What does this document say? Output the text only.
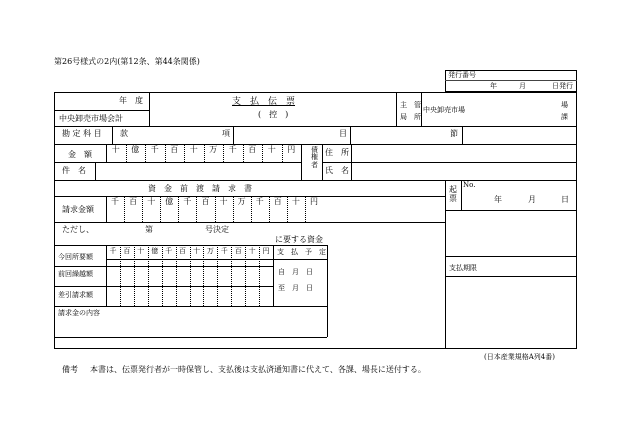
第26号様式の2内(第12条、第44条関係)
発行番号
年	月	日発行
年　度
中央卸売市場会計
支　払　伝　票
(　控　)
主　管
局　所
中央卸売市場
場
課
勘 定 科 目 款	項	目	節
金　額
十	億	千	百	十	万	千	百	十	円	債権者
住　所
氏　名
件　名
資　金　前　渡　請　求　書	起票
No.
年	月	日
請求金額
千	百	十	億	千	百	十	万	千	百	十	円
ただし、	第	号決定
に要する資金
千 百 十 億 千 百 十 万 千 百 十 円	支　払　予　定
今回所要額
前回繰越額
差引請求額
自　月　日
至　月　日
請求金の内容
支払期限
(日本産業規格A列4番)
備考 本書は、伝票発行者が一時保管し、支払後は支払済通知書に代えて、各課、場長に送付する。
